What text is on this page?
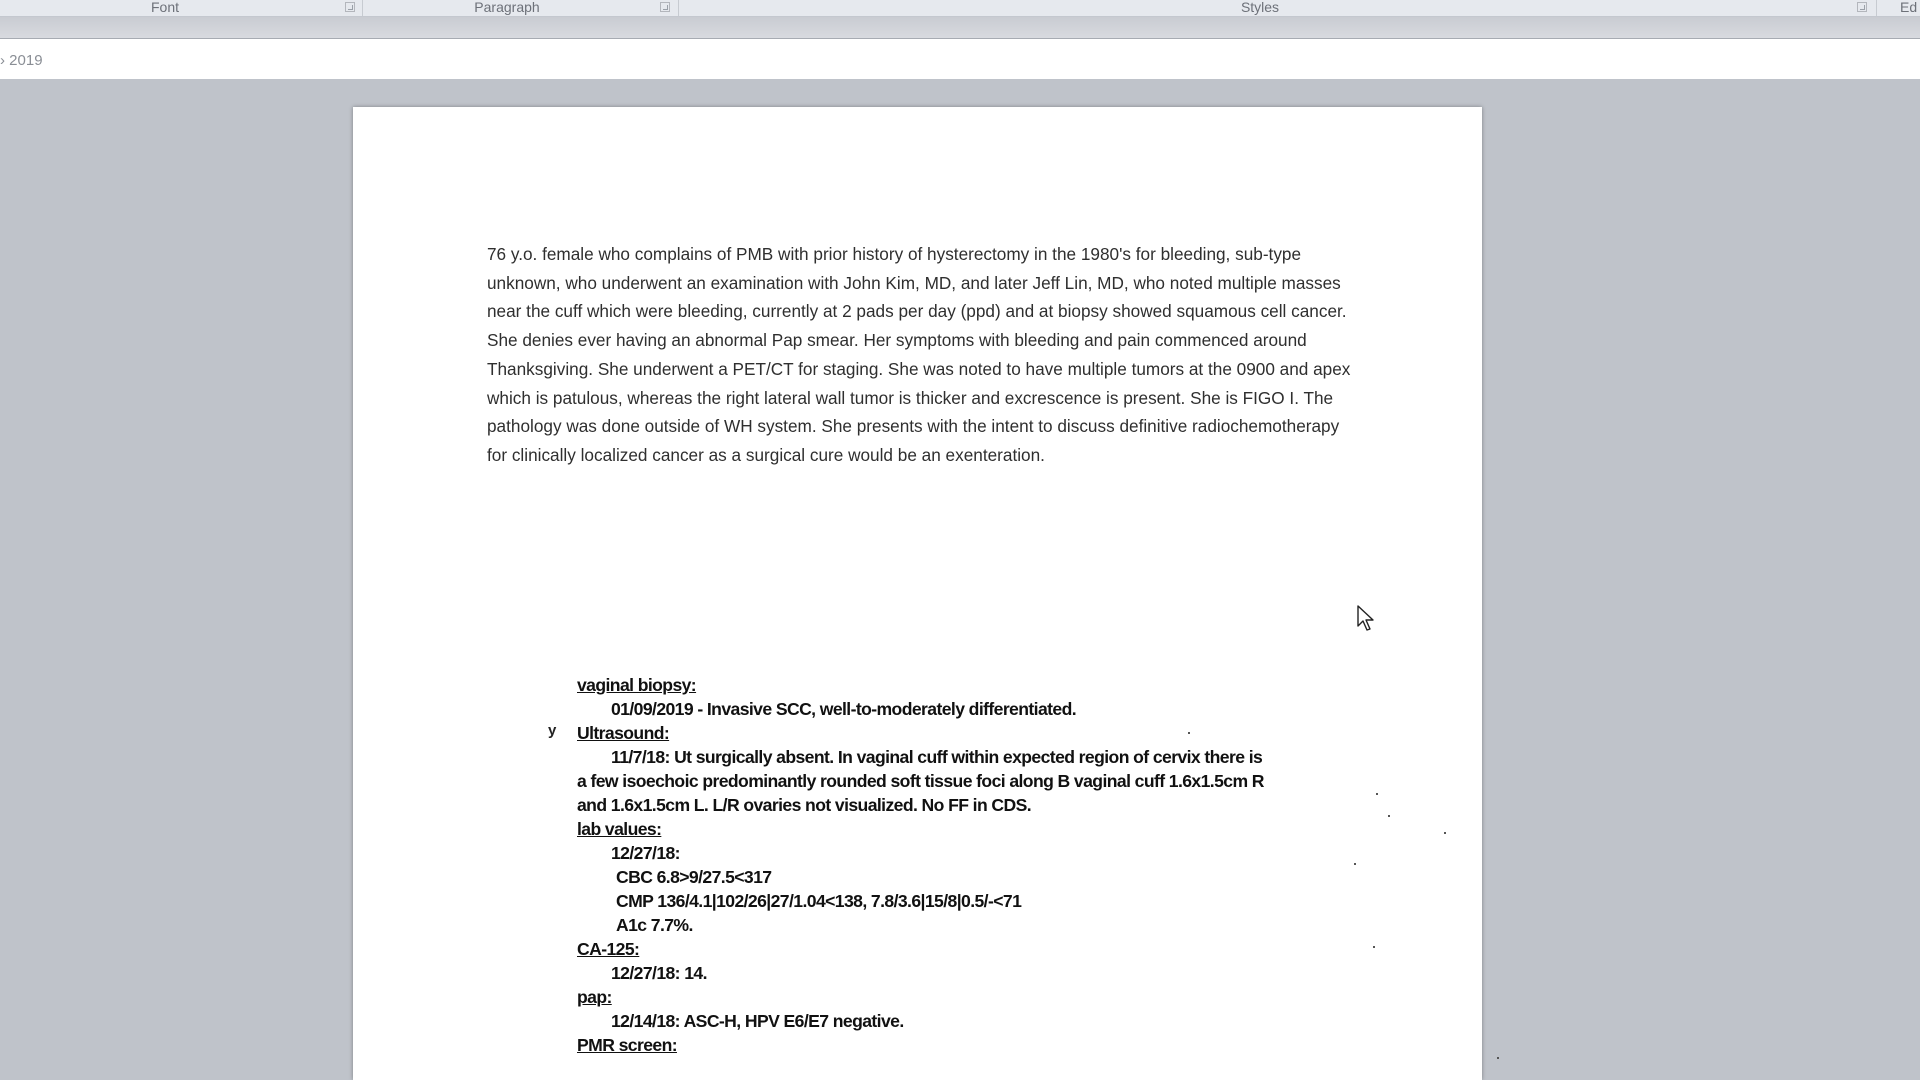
Font	Paragraph	Styles	Ed
› 2019

76 y.o. female who complains of PMB with prior history of hysterectomy in the 1980's for bleeding, sub-type unknown, who underwent an examination with John Kim, MD, and later Jeff Lin, MD, who noted multiple masses near the cuff which were bleeding, currently at 2 pads per day (ppd) and at biopsy showed squamous cell cancer. She denies ever having an abnormal Pap smear. Her symptoms with bleeding and pain commenced around Thanksgiving. She underwent a PET/CT for staging. She was noted to have multiple tumors at the 0900 and apex which is patulous, whereas the right lateral wall tumor is thicker and excrescence is present. She is FIGO I. The pathology was done outside of WH system. She presents with the intent to discuss definitive radiochemotherapy for clinically localized cancer as a surgical cure would be an exenteration.

y
vaginal biopsy:
01/09/2019 - Invasive SCC, well-to-moderately differentiated.
Ultrasound:
11/7/18: Ut surgically absent. In vaginal cuff within expected region of cervix there is
a few isoechoic predominantly rounded soft tissue foci along B vaginal cuff 1.6x1.5cm R
and 1.6x1.5cm L. L/R ovaries not visualized. No FF in CDS.
lab values:
12/27/18:
CBC 6.8>9/27.5<317
CMP 136/4.1|102/26|27/1.04<138, 7.8/3.6|15/8|0.5/-<71
A1c 7.7%.
CA-125:
12/27/18: 14.
pap:
12/14/18: ASC-H, HPV E6/E7 negative.
PMR screen:
